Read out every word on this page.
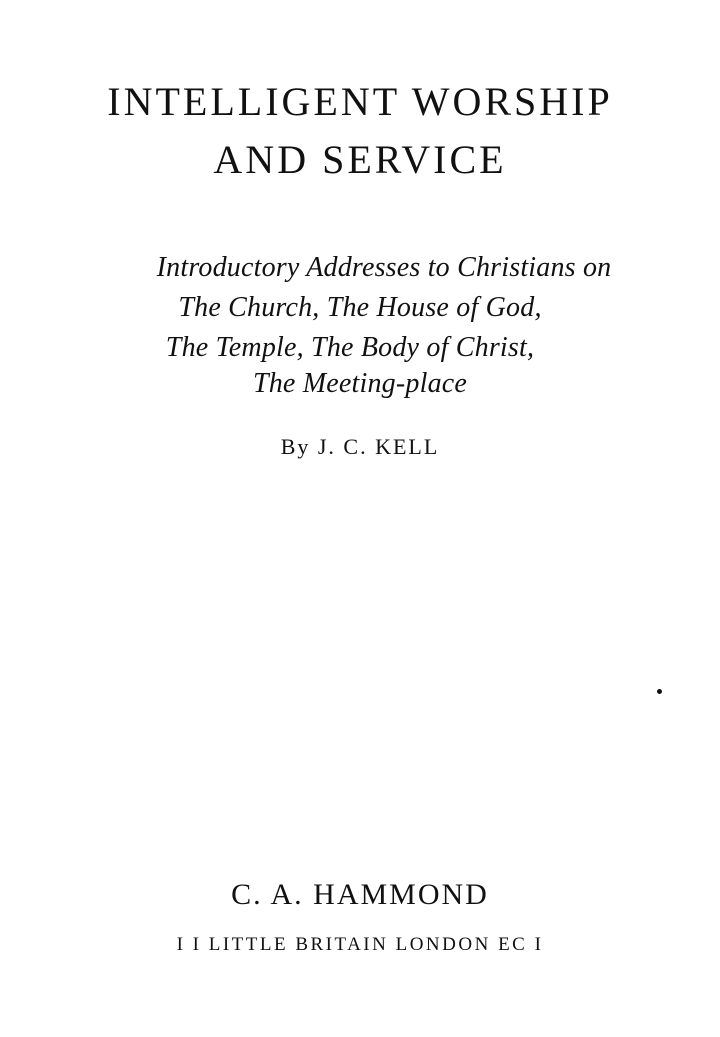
INTELLIGENT WORSHIP
AND SERVICE
Introductory Addresses to Christians on
The Church, The House of God,
The Temple, The Body of Christ,
The Meeting-place
By J. C. KELL
C. A. HAMMOND
I I LITTLE BRITAIN LONDON EC I
